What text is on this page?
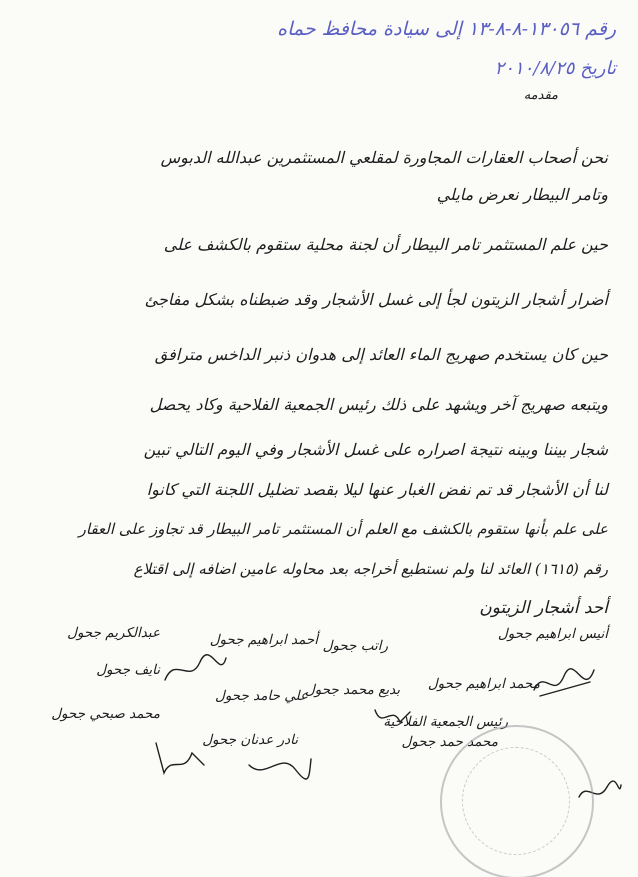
رقم ١٣٠٥٦-٨-٨-١٣ إلى سيادة محافظ حماه
تاريخ ٢٠١٠/٨/٢٥
مقدمه
نحن أصحاب العقارات المجاورة لمقلعي المستثمرين عبدالله الدبوس
وتامر البيطار نعرض مايلي
حين علم المستثمر تامر البيطار أن لجنة محلية ستقوم بالكشف على
أضرار أشجار الزيتون لجأ إلى غسل الأشجار وقد ضبطناه بشكل مفاجئ
حين كان يستخدم صهريج الماء العائد إلى هدوان ذنبر الداخس مترافق
ويتبعه صهريج آخر ويشهد على ذلك رئيس الجمعية الفلاحية وكاد يحصل
شجار بيننا وبينه نتيجة اصراره على غسل الأشجار وفي اليوم التالي تبين
لنا أن الأشجار قد تم نفض الغبار عنها ليلا بقصد تضليل اللجنة التي كانوا
على علم بأنها ستقوم بالكشف مع العلم أن المستثمر تامر البيطار قد تجاوز على العقار
رقم (١٦١٥) العائد لنا ولم نستطيع أخراجه بعد محاوله عامين اضافه إلى اقتلاع
أحد أشجار الزيتون
عبدالكريم جحول
نايف جحول
محمد صبحي جحول
أحمد ابراهيم جحول
علي حامد جحول
نادر عدنان جحول
راتب جحول
بديع محمد جحول
أنيس ابراهيم جحول
محمد ابراهيم جحول
رئيس الجمعية الفلاحية
محمد حمد جحول
